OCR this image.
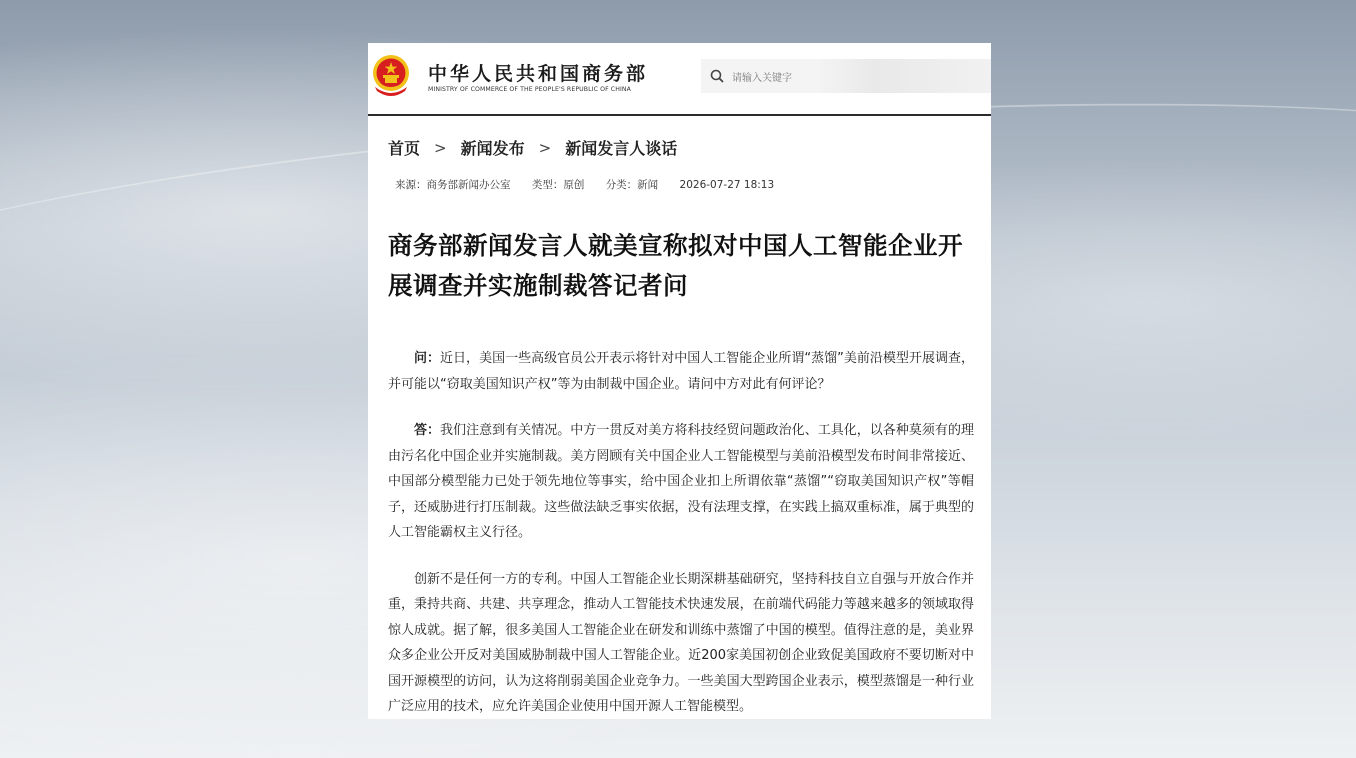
中华人民共和国商务部
MINISTRY OF COMMERCE OF THE PEOPLE'S REPUBLIC OF CHINA
请输入关键字
首页 > 新闻发布 > 新闻发言人谈话
来源：商务部新闻办公室 类型：原创 分类：新闻 2026-07-27 18:13
商务部新闻发言人就美宣称拟对中国人工智能企业开展调查并实施制裁答记者问

问：近日，美国一些高级官员公开表示将针对中国人工智能企业所谓“蒸馏”美前沿模型开展调查，并可能以“窃取美国知识产权”等为由制裁中国企业。请问中方对此有何评论？

答：我们注意到有关情况。中方一贯反对美方将科技经贸问题政治化、工具化，以各种莫须有的理由污名化中国企业并实施制裁。美方罔顾有关中国企业人工智能模型与美前沿模型发布时间非常接近、中国部分模型能力已处于领先地位等事实，给中国企业扣上所谓依靠“蒸馏”“窃取美国知识产权”等帽子，还威胁进行打压制裁。这些做法缺乏事实依据，没有法理支撑，在实践上搞双重标准，属于典型的人工智能霸权主义行径。

创新不是任何一方的专利。中国人工智能企业长期深耕基础研究，坚持科技自立自强与开放合作并重，秉持共商、共建、共享理念，推动人工智能技术快速发展，在前端代码能力等越来越多的领域取得惊人成就。据了解，很多美国人工智能企业在研发和训练中蒸馏了中国的模型。值得注意的是，美业界众多企业公开反对美国威胁制裁中国人工智能企业。近200家美国初创企业致促美国政府不要切断对中国开源模型的访问，认为这将削弱美国企业竞争力。一些美国大型跨国企业表示，模型蒸馏是一种行业广泛应用的技术，应允许美国企业使用中国开源人工智能模型。
